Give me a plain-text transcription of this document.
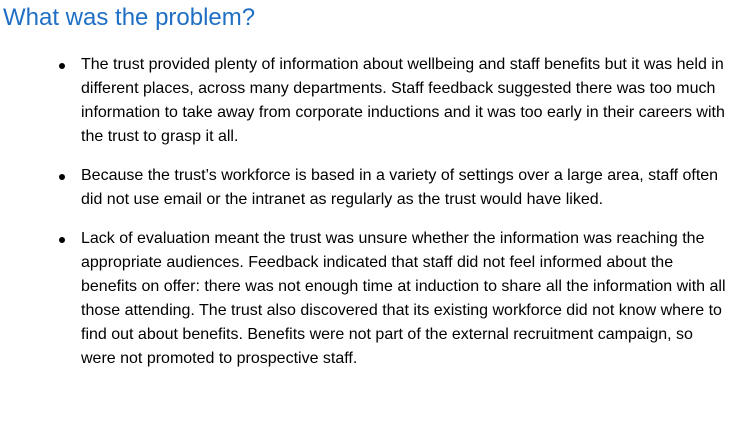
What was the problem?
The trust provided plenty of information about wellbeing and staff benefits but it was held in different places, across many departments. Staff feedback suggested there was too much information to take away from corporate inductions and it was too early in their careers with the trust to grasp it all.
Because the trust’s workforce is based in a variety of settings over a large area, staff often did not use email or the intranet as regularly as the trust would have liked.
Lack of evaluation meant the trust was unsure whether the information was reaching the appropriate audiences. Feedback indicated that staff did not feel informed about the benefits on offer: there was not enough time at induction to share all the information with all those attending. The trust also discovered that its existing workforce did not know where to find out about benefits. Benefits were not part of the external recruitment campaign, so were not promoted to prospective staff.
